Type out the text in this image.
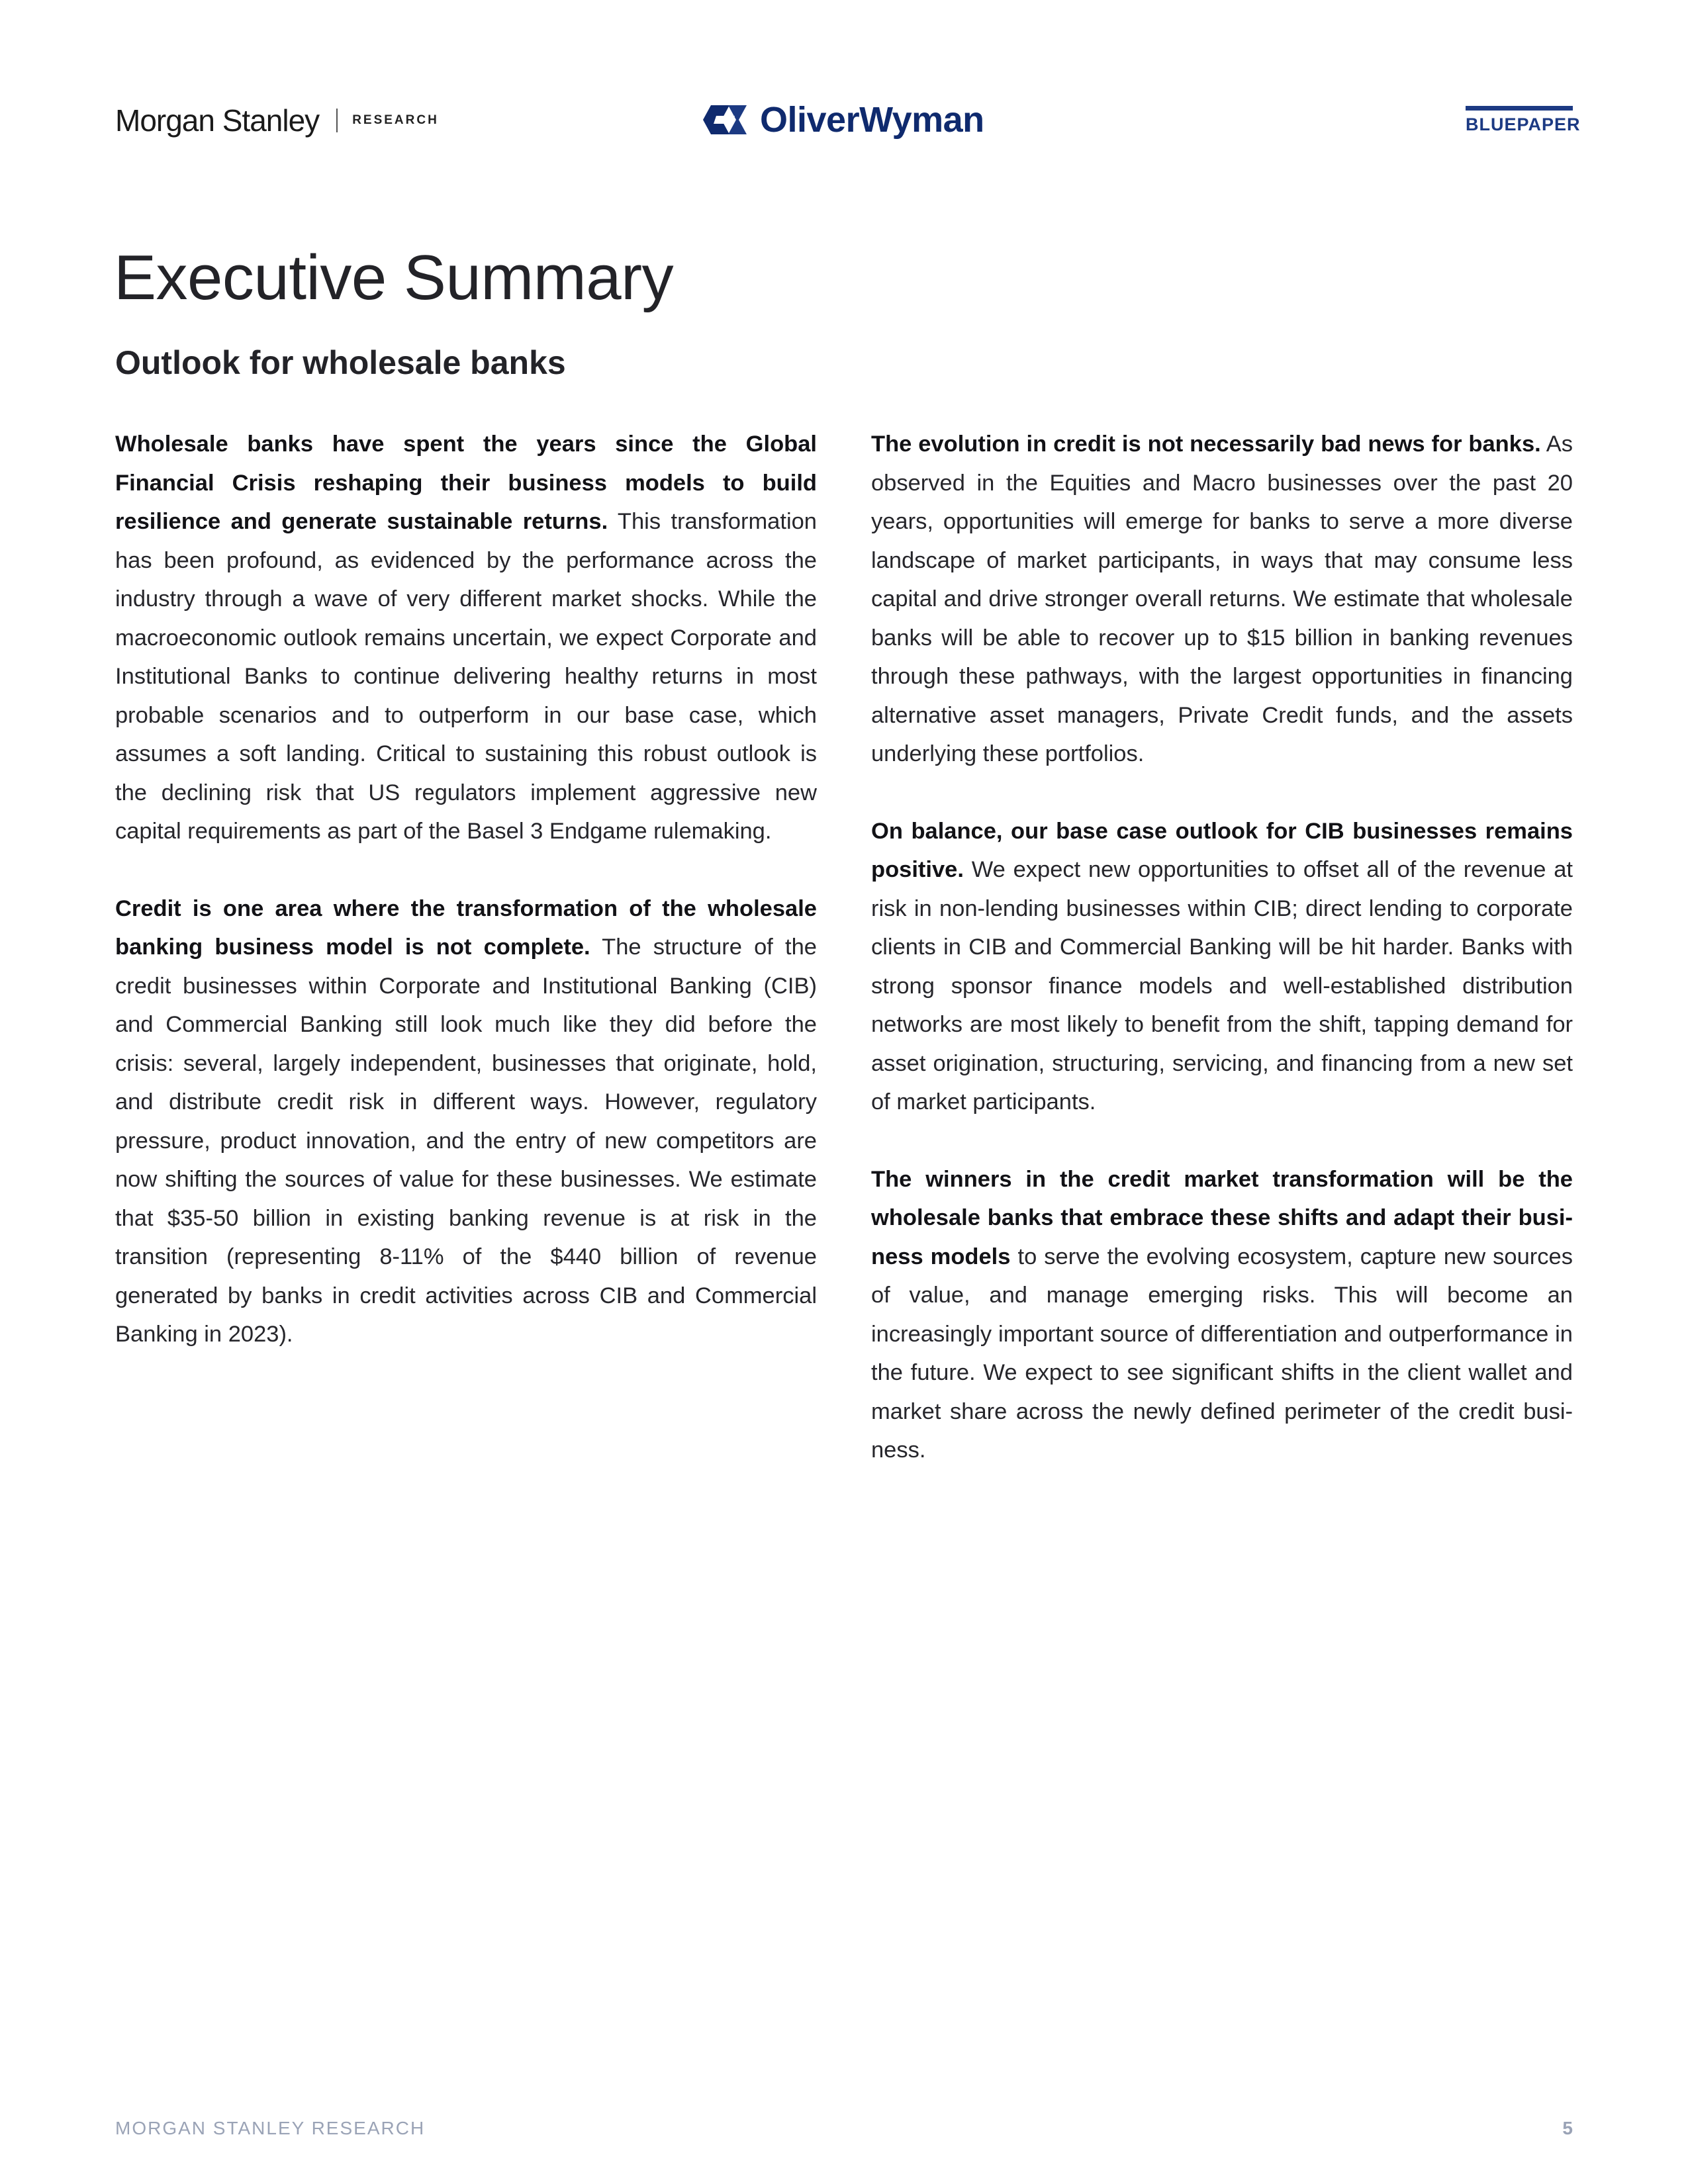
Morgan Stanley	RESEARCH	OliverWyman	BLUEPAPER
Executive Summary
Outlook for wholesale banks

Wholesale banks have spent the years since the Global Financial Crisis reshaping their business models to build resilience and generate sustainable returns. This transformation has been profound, as evidenced by the performance across the industry through a wave of very different market shocks. While the macroeconomic outlook remains uncertain, we expect Corporate and Institutional Banks to continue delivering healthy returns in most probable scenarios and to outperform in our base case, which assumes a soft landing. Critical to sustaining this robust outlook is the declining risk that US regulators implement aggressive new capital requirements as part of the Basel 3 Endgame rulemaking.

Credit is one area where the transformation of the wholesale banking business model is not complete. The structure of the credit businesses within Corporate and Institutional Banking (CIB) and Commercial Banking still look much like they did before the crisis: several, largely independent, businesses that originate, hold, and distribute credit risk in different ways. However, regulatory pressure, product innovation, and the entry of new competitors are now shifting the sources of value for these businesses. We estimate that $35-50 billion in existing banking revenue is at risk in the transition (representing 8-11% of the $440 billion of revenue generated by banks in credit activities across CIB and Commercial Banking in 2023).

The evolution in credit is not necessarily bad news for banks. As observed in the Equities and Macro businesses over the past 20 years, opportunities will emerge for banks to serve a more diverse landscape of market participants, in ways that may consume less capital and drive stronger overall returns. We estimate that wholesale banks will be able to recover up to $15 billion in banking revenues through these pathways, with the largest opportunities in financing alternative asset managers, Private Credit funds, and the assets underlying these portfolios.

On balance, our base case outlook for CIB businesses remains positive. We expect new opportunities to offset all of the revenue at risk in non-lending businesses within CIB; direct lending to corporate clients in CIB and Commercial Banking will be hit harder. Banks with strong sponsor finance models and well-established distribution networks are most likely to benefit from the shift, tapping demand for asset origination, structuring, servicing, and financing from a new set of market participants.

The winners in the credit market transformation will be the wholesale banks that embrace these shifts and adapt their business models to serve the evolving ecosystem, capture new sources of value, and manage emerging risks. This will become an increasingly important source of differentiation and outperformance in the future. We expect to see significant shifts in the client wallet and market share across the newly defined perimeter of the credit business.

MORGAN STANLEY RESEARCH	5
